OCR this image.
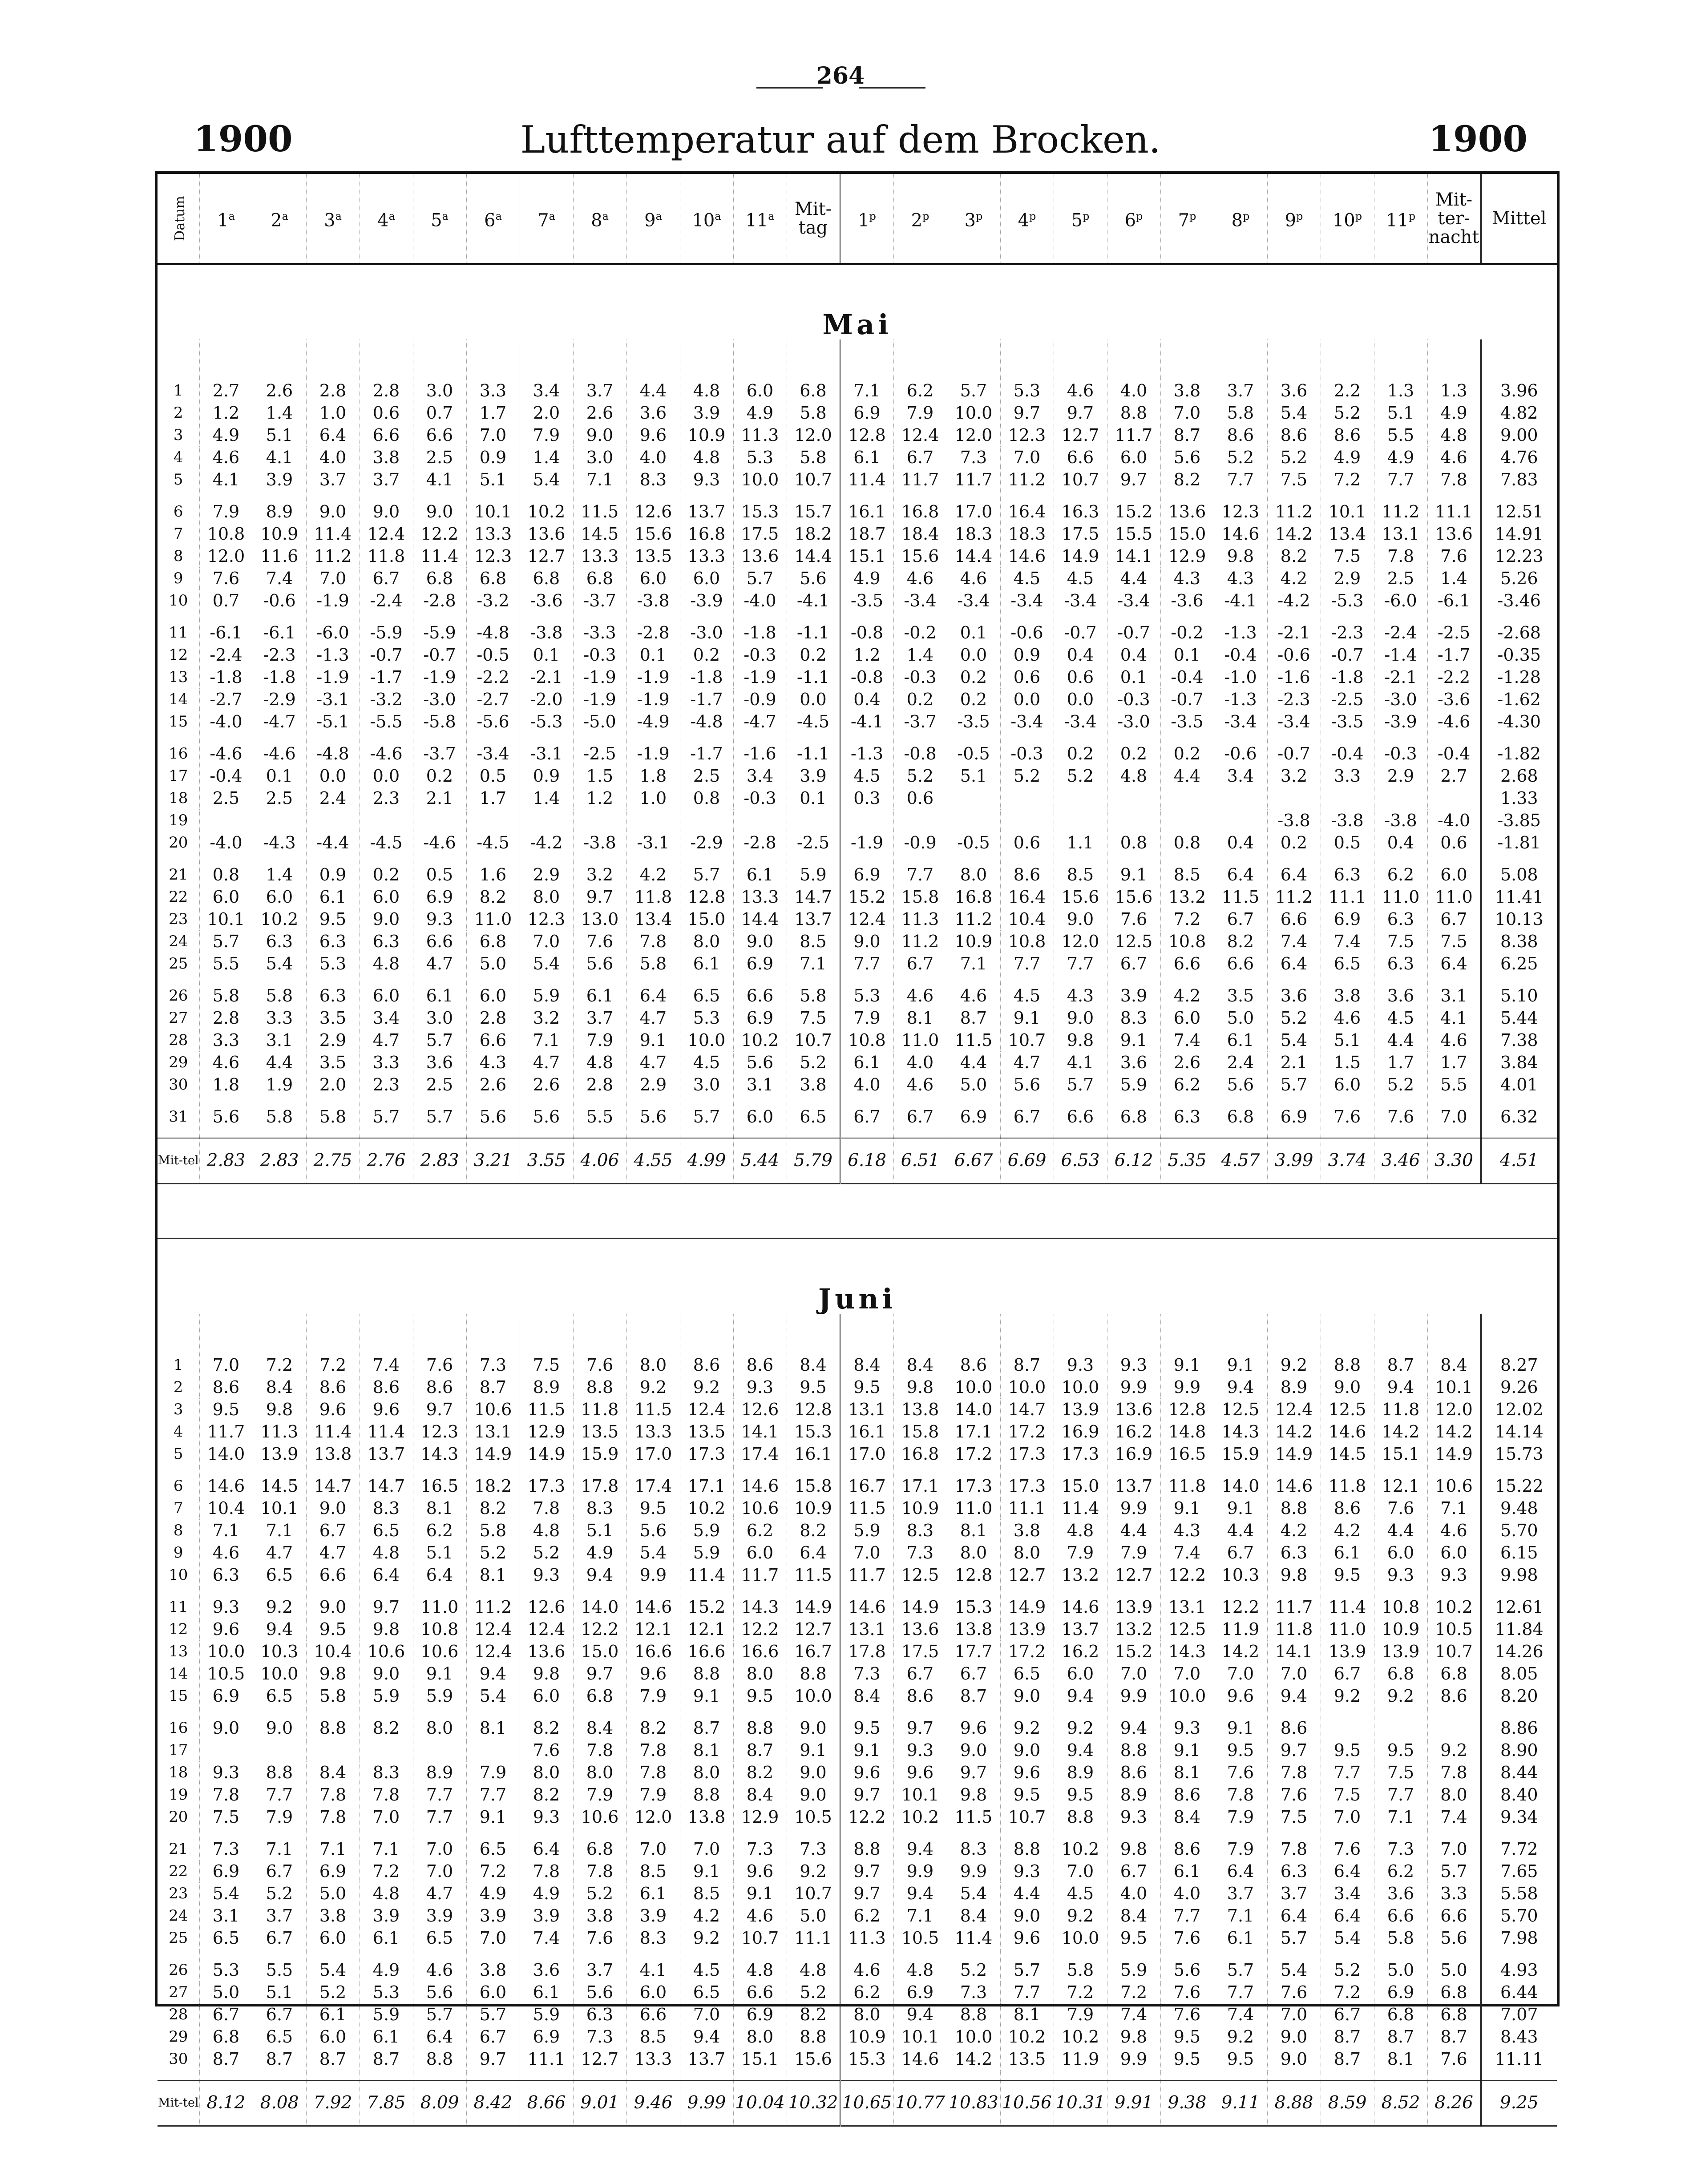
264
1900	Lufttemperatur auf dem Brocken.	1900
Datum	1$^a$	2$^a$	3$^a$	4$^a$	5$^a$	6$^a$	7$^a$	8$^a$	9$^a$	10$^a$	11$^a$	Mit-tag	1$^p$	2$^p$	3$^p$	4$^p$	5$^p$	6$^p$	7$^p$	8$^p$	9$^p$	10$^p$	11$^p$	Mit-ter-nacht	Mittel
Mai																									

1	2.7	2.6	2.8	2.8	3.0	3.3	3.4	3.7	4.4	4.8	6.0	6.8	7.1	6.2	5.7	5.3	4.6	4.0	3.8	3.7	3.6	2.2	1.3	1.3	3.96
2	1.2	1.4	1.0	0.6	0.7	1.7	2.0	2.6	3.6	3.9	4.9	5.8	6.9	7.9	10.0	9.7	9.7	8.8	7.0	5.8	5.4	5.2	5.1	4.9	4.82
3	4.9	5.1	6.4	6.6	6.6	7.0	7.9	9.0	9.6	10.9	11.3	12.0	12.8	12.4	12.0	12.3	12.7	11.7	8.7	8.6	8.6	8.6	5.5	4.8	9.00
4	4.6	4.1	4.0	3.8	2.5	0.9	1.4	3.0	4.0	4.8	5.3	5.8	6.1	6.7	7.3	7.0	6.6	6.0	5.6	5.2	5.2	4.9	4.9	4.6	4.76
5	4.1	3.9	3.7	3.7	4.1	5.1	5.4	7.1	8.3	9.3	10.0	10.7	11.4	11.7	11.7	11.2	10.7	9.7	8.2	7.7	7.5	7.2	7.7	7.8	7.83

6	7.9	8.9	9.0	9.0	9.0	10.1	10.2	11.5	12.6	13.7	15.3	15.7	16.1	16.8	17.0	16.4	16.3	15.2	13.6	12.3	11.2	10.1	11.2	11.1	12.51
7	10.8	10.9	11.4	12.4	12.2	13.3	13.6	14.5	15.6	16.8	17.5	18.2	18.7	18.4	18.3	18.3	17.5	15.5	15.0	14.6	14.2	13.4	13.1	13.6	14.91
8	12.0	11.6	11.2	11.8	11.4	12.3	12.7	13.3	13.5	13.3	13.6	14.4	15.1	15.6	14.4	14.6	14.9	14.1	12.9	9.8	8.2	7.5	7.8	7.6	12.23
9	7.6	7.4	7.0	6.7	6.8	6.8	6.8	6.8	6.0	6.0	5.7	5.6	4.9	4.6	4.6	4.5	4.5	4.4	4.3	4.3	4.2	2.9	2.5	1.4	5.26
10	0.7	-0.6	-1.9	-2.4	-2.8	-3.2	-3.6	-3.7	-3.8	-3.9	-4.0	-4.1	-3.5	-3.4	-3.4	-3.4	-3.4	-3.4	-3.6	-4.1	-4.2	-5.3	-6.0	-6.1	-3.46

11	-6.1	-6.1	-6.0	-5.9	-5.9	-4.8	-3.8	-3.3	-2.8	-3.0	-1.8	-1.1	-0.8	-0.2	0.1	-0.6	-0.7	-0.7	-0.2	-1.3	-2.1	-2.3	-2.4	-2.5	-2.68
12	-2.4	-2.3	-1.3	-0.7	-0.7	-0.5	0.1	-0.3	0.1	0.2	-0.3	0.2	1.2	1.4	0.0	0.9	0.4	0.4	0.1	-0.4	-0.6	-0.7	-1.4	-1.7	-0.35
13	-1.8	-1.8	-1.9	-1.7	-1.9	-2.2	-2.1	-1.9	-1.9	-1.8	-1.9	-1.1	-0.8	-0.3	0.2	0.6	0.6	0.1	-0.4	-1.0	-1.6	-1.8	-2.1	-2.2	-1.28
14	-2.7	-2.9	-3.1	-3.2	-3.0	-2.7	-2.0	-1.9	-1.9	-1.7	-0.9	0.0	0.4	0.2	0.2	0.0	0.0	-0.3	-0.7	-1.3	-2.3	-2.5	-3.0	-3.6	-1.62
15	-4.0	-4.7	-5.1	-5.5	-5.8	-5.6	-5.3	-5.0	-4.9	-4.8	-4.7	-4.5	-4.1	-3.7	-3.5	-3.4	-3.4	-3.0	-3.5	-3.4	-3.4	-3.5	-3.9	-4.6	-4.30

16	-4.6	-4.6	-4.8	-4.6	-3.7	-3.4	-3.1	-2.5	-1.9	-1.7	-1.6	-1.1	-1.3	-0.8	-0.5	-0.3	0.2	0.2	0.2	-0.6	-0.7	-0.4	-0.3	-0.4	-1.82
17	-0.4	0.1	0.0	0.0	0.2	0.5	0.9	1.5	1.8	2.5	3.4	3.9	4.5	5.2	5.1	5.2	5.2	4.8	4.4	3.4	3.2	3.3	2.9	2.7	2.68
18	2.5	2.5	2.4	2.3	2.1	1.7	1.4	1.2	1.0	0.8	-0.3	0.1	0.3	0.6											1.33
19																					-3.8	-3.8	-3.8	-4.0	-3.85
20	-4.0	-4.3	-4.4	-4.5	-4.6	-4.5	-4.2	-3.8	-3.1	-2.9	-2.8	-2.5	-1.9	-0.9	-0.5	0.6	1.1	0.8	0.8	0.4	0.2	0.5	0.4	0.6	-1.81

21	0.8	1.4	0.9	0.2	0.5	1.6	2.9	3.2	4.2	5.7	6.1	5.9	6.9	7.7	8.0	8.6	8.5	9.1	8.5	6.4	6.4	6.3	6.2	6.0	5.08
22	6.0	6.0	6.1	6.0	6.9	8.2	8.0	9.7	11.8	12.8	13.3	14.7	15.2	15.8	16.8	16.4	15.6	15.6	13.2	11.5	11.2	11.1	11.0	11.0	11.41
23	10.1	10.2	9.5	9.0	9.3	11.0	12.3	13.0	13.4	15.0	14.4	13.7	12.4	11.3	11.2	10.4	9.0	7.6	7.2	6.7	6.6	6.9	6.3	6.7	10.13
24	5.7	6.3	6.3	6.3	6.6	6.8	7.0	7.6	7.8	8.0	9.0	8.5	9.0	11.2	10.9	10.8	12.0	12.5	10.8	8.2	7.4	7.4	7.5	7.5	8.38
25	5.5	5.4	5.3	4.8	4.7	5.0	5.4	5.6	5.8	6.1	6.9	7.1	7.7	6.7	7.1	7.7	7.7	6.7	6.6	6.6	6.4	6.5	6.3	6.4	6.25

26	5.8	5.8	6.3	6.0	6.1	6.0	5.9	6.1	6.4	6.5	6.6	5.8	5.3	4.6	4.6	4.5	4.3	3.9	4.2	3.5	3.6	3.8	3.6	3.1	5.10
27	2.8	3.3	3.5	3.4	3.0	2.8	3.2	3.7	4.7	5.3	6.9	7.5	7.9	8.1	8.7	9.1	9.0	8.3	6.0	5.0	5.2	4.6	4.5	4.1	5.44
28	3.3	3.1	2.9	4.7	5.7	6.6	7.1	7.9	9.1	10.0	10.2	10.7	10.8	11.0	11.5	10.7	9.8	9.1	7.4	6.1	5.4	5.1	4.4	4.6	7.38
29	4.6	4.4	3.5	3.3	3.6	4.3	4.7	4.8	4.7	4.5	5.6	5.2	6.1	4.0	4.4	4.7	4.1	3.6	2.6	2.4	2.1	1.5	1.7	1.7	3.84
30	1.8	1.9	2.0	2.3	2.5	2.6	2.6	2.8	2.9	3.0	3.1	3.8	4.0	4.6	5.0	5.6	5.7	5.9	6.2	5.6	5.7	6.0	5.2	5.5	4.01

31	5.6	5.8	5.8	5.7	5.7	5.6	5.6	5.5	5.6	5.7	6.0	6.5	6.7	6.7	6.9	6.7	6.6	6.8	6.3	6.8	6.9	7.6	7.6	7.0	6.32

Mit-tel	2.83	2.83	2.75	2.76	2.83	3.21	3.55	4.06	4.55	4.99	5.44	5.79	6.18	6.51	6.67	6.69	6.53	6.12	5.35	4.57	3.99	3.74	3.46	3.30	4.51

Juni																									

1	7.0	7.2	7.2	7.4	7.6	7.3	7.5	7.6	8.0	8.6	8.6	8.4	8.4	8.4	8.6	8.7	9.3	9.3	9.1	9.1	9.2	8.8	8.7	8.4	8.27
2	8.6	8.4	8.6	8.6	8.6	8.7	8.9	8.8	9.2	9.2	9.3	9.5	9.5	9.8	10.0	10.0	10.0	9.9	9.9	9.4	8.9	9.0	9.4	10.1	9.26
3	9.5	9.8	9.6	9.6	9.7	10.6	11.5	11.8	11.5	12.4	12.6	12.8	13.1	13.8	14.0	14.7	13.9	13.6	12.8	12.5	12.4	12.5	11.8	12.0	12.02
4	11.7	11.3	11.4	11.4	12.3	13.1	12.9	13.5	13.3	13.5	14.1	15.3	16.1	15.8	17.1	17.2	16.9	16.2	14.8	14.3	14.2	14.6	14.2	14.2	14.14
5	14.0	13.9	13.8	13.7	14.3	14.9	14.9	15.9	17.0	17.3	17.4	16.1	17.0	16.8	17.2	17.3	17.3	16.9	16.5	15.9	14.9	14.5	15.1	14.9	15.73

6	14.6	14.5	14.7	14.7	16.5	18.2	17.3	17.8	17.4	17.1	14.6	15.8	16.7	17.1	17.3	17.3	15.0	13.7	11.8	14.0	14.6	11.8	12.1	10.6	15.22
7	10.4	10.1	9.0	8.3	8.1	8.2	7.8	8.3	9.5	10.2	10.6	10.9	11.5	10.9	11.0	11.1	11.4	9.9	9.1	9.1	8.8	8.6	7.6	7.1	9.48
8	7.1	7.1	6.7	6.5	6.2	5.8	4.8	5.1	5.6	5.9	6.2	8.2	5.9	8.3	8.1	3.8	4.8	4.4	4.3	4.4	4.2	4.2	4.4	4.6	5.70
9	4.6	4.7	4.7	4.8	5.1	5.2	5.2	4.9	5.4	5.9	6.0	6.4	7.0	7.3	8.0	8.0	7.9	7.9	7.4	6.7	6.3	6.1	6.0	6.0	6.15
10	6.3	6.5	6.6	6.4	6.4	8.1	9.3	9.4	9.9	11.4	11.7	11.5	11.7	12.5	12.8	12.7	13.2	12.7	12.2	10.3	9.8	9.5	9.3	9.3	9.98

11	9.3	9.2	9.0	9.7	11.0	11.2	12.6	14.0	14.6	15.2	14.3	14.9	14.6	14.9	15.3	14.9	14.6	13.9	13.1	12.2	11.7	11.4	10.8	10.2	12.61
12	9.6	9.4	9.5	9.8	10.8	12.4	12.4	12.2	12.1	12.1	12.2	12.7	13.1	13.6	13.8	13.9	13.7	13.2	12.5	11.9	11.8	11.0	10.9	10.5	11.84
13	10.0	10.3	10.4	10.6	10.6	12.4	13.6	15.0	16.6	16.6	16.6	16.7	17.8	17.5	17.7	17.2	16.2	15.2	14.3	14.2	14.1	13.9	13.9	10.7	14.26
14	10.5	10.0	9.8	9.0	9.1	9.4	9.8	9.7	9.6	8.8	8.0	8.8	7.3	6.7	6.7	6.5	6.0	7.0	7.0	7.0	7.0	6.7	6.8	6.8	8.05
15	6.9	6.5	5.8	5.9	5.9	5.4	6.0	6.8	7.9	9.1	9.5	10.0	8.4	8.6	8.7	9.0	9.4	9.9	10.0	9.6	9.4	9.2	9.2	8.6	8.20

16	9.0	9.0	8.8	8.2	8.0	8.1	8.2	8.4	8.2	8.7	8.8	9.0	9.5	9.7	9.6	9.2	9.2	9.4	9.3	9.1	8.6				8.86
17							7.6	7.8	7.8	8.1	8.7	9.1	9.1	9.3	9.0	9.0	9.4	8.8	9.1	9.5	9.7	9.5	9.5	9.2	8.90
18	9.3	8.8	8.4	8.3	8.9	7.9	8.0	8.0	7.8	8.0	8.2	9.0	9.6	9.6	9.7	9.6	8.9	8.6	8.1	7.6	7.8	7.7	7.5	7.8	8.44
19	7.8	7.7	7.8	7.8	7.7	7.7	8.2	7.9	7.9	8.8	8.4	9.0	9.7	10.1	9.8	9.5	9.5	8.9	8.6	7.8	7.6	7.5	7.7	8.0	8.40
20	7.5	7.9	7.8	7.0	7.7	9.1	9.3	10.6	12.0	13.8	12.9	10.5	12.2	10.2	11.5	10.7	8.8	9.3	8.4	7.9	7.5	7.0	7.1	7.4	9.34

21	7.3	7.1	7.1	7.1	7.0	6.5	6.4	6.8	7.0	7.0	7.3	7.3	8.8	9.4	8.3	8.8	10.2	9.8	8.6	7.9	7.8	7.6	7.3	7.0	7.72
22	6.9	6.7	6.9	7.2	7.0	7.2	7.8	7.8	8.5	9.1	9.6	9.2	9.7	9.9	9.9	9.3	7.0	6.7	6.1	6.4	6.3	6.4	6.2	5.7	7.65
23	5.4	5.2	5.0	4.8	4.7	4.9	4.9	5.2	6.1	8.5	9.1	10.7	9.7	9.4	5.4	4.4	4.5	4.0	4.0	3.7	3.7	3.4	3.6	3.3	5.58
24	3.1	3.7	3.8	3.9	3.9	3.9	3.9	3.8	3.9	4.2	4.6	5.0	6.2	7.1	8.4	9.0	9.2	8.4	7.7	7.1	6.4	6.4	6.6	6.6	5.70
25	6.5	6.7	6.0	6.1	6.5	7.0	7.4	7.6	8.3	9.2	10.7	11.1	11.3	10.5	11.4	9.6	10.0	9.5	7.6	6.1	5.7	5.4	5.8	5.6	7.98

26	5.3	5.5	5.4	4.9	4.6	3.8	3.6	3.7	4.1	4.5	4.8	4.8	4.6	4.8	5.2	5.7	5.8	5.9	5.6	5.7	5.4	5.2	5.0	5.0	4.93
27	5.0	5.1	5.2	5.3	5.6	6.0	6.1	5.6	6.0	6.5	6.6	5.2	6.2	6.9	7.3	7.7	7.2	7.2	7.6	7.7	7.6	7.2	6.9	6.8	6.44
28	6.7	6.7	6.1	5.9	5.7	5.7	5.9	6.3	6.6	7.0	6.9	8.2	8.0	9.4	8.8	8.1	7.9	7.4	7.6	7.4	7.0	6.7	6.8	6.8	7.07
29	6.8	6.5	6.0	6.1	6.4	6.7	6.9	7.3	8.5	9.4	8.0	8.8	10.9	10.1	10.0	10.2	10.2	9.8	9.5	9.2	9.0	8.7	8.7	8.7	8.43
30	8.7	8.7	8.7	8.7	8.8	9.7	11.1	12.7	13.3	13.7	15.1	15.6	15.3	14.6	14.2	13.5	11.9	9.9	9.5	9.5	9.0	8.7	8.1	7.6	11.11

Mit-tel	8.12	8.08	7.92	7.85	8.09	8.42	8.66	9.01	9.46	9.99	10.04	10.32	10.65	10.77	10.83	10.56	10.31	9.91	9.38	9.11	8.88	8.59	8.52	8.26	9.25
